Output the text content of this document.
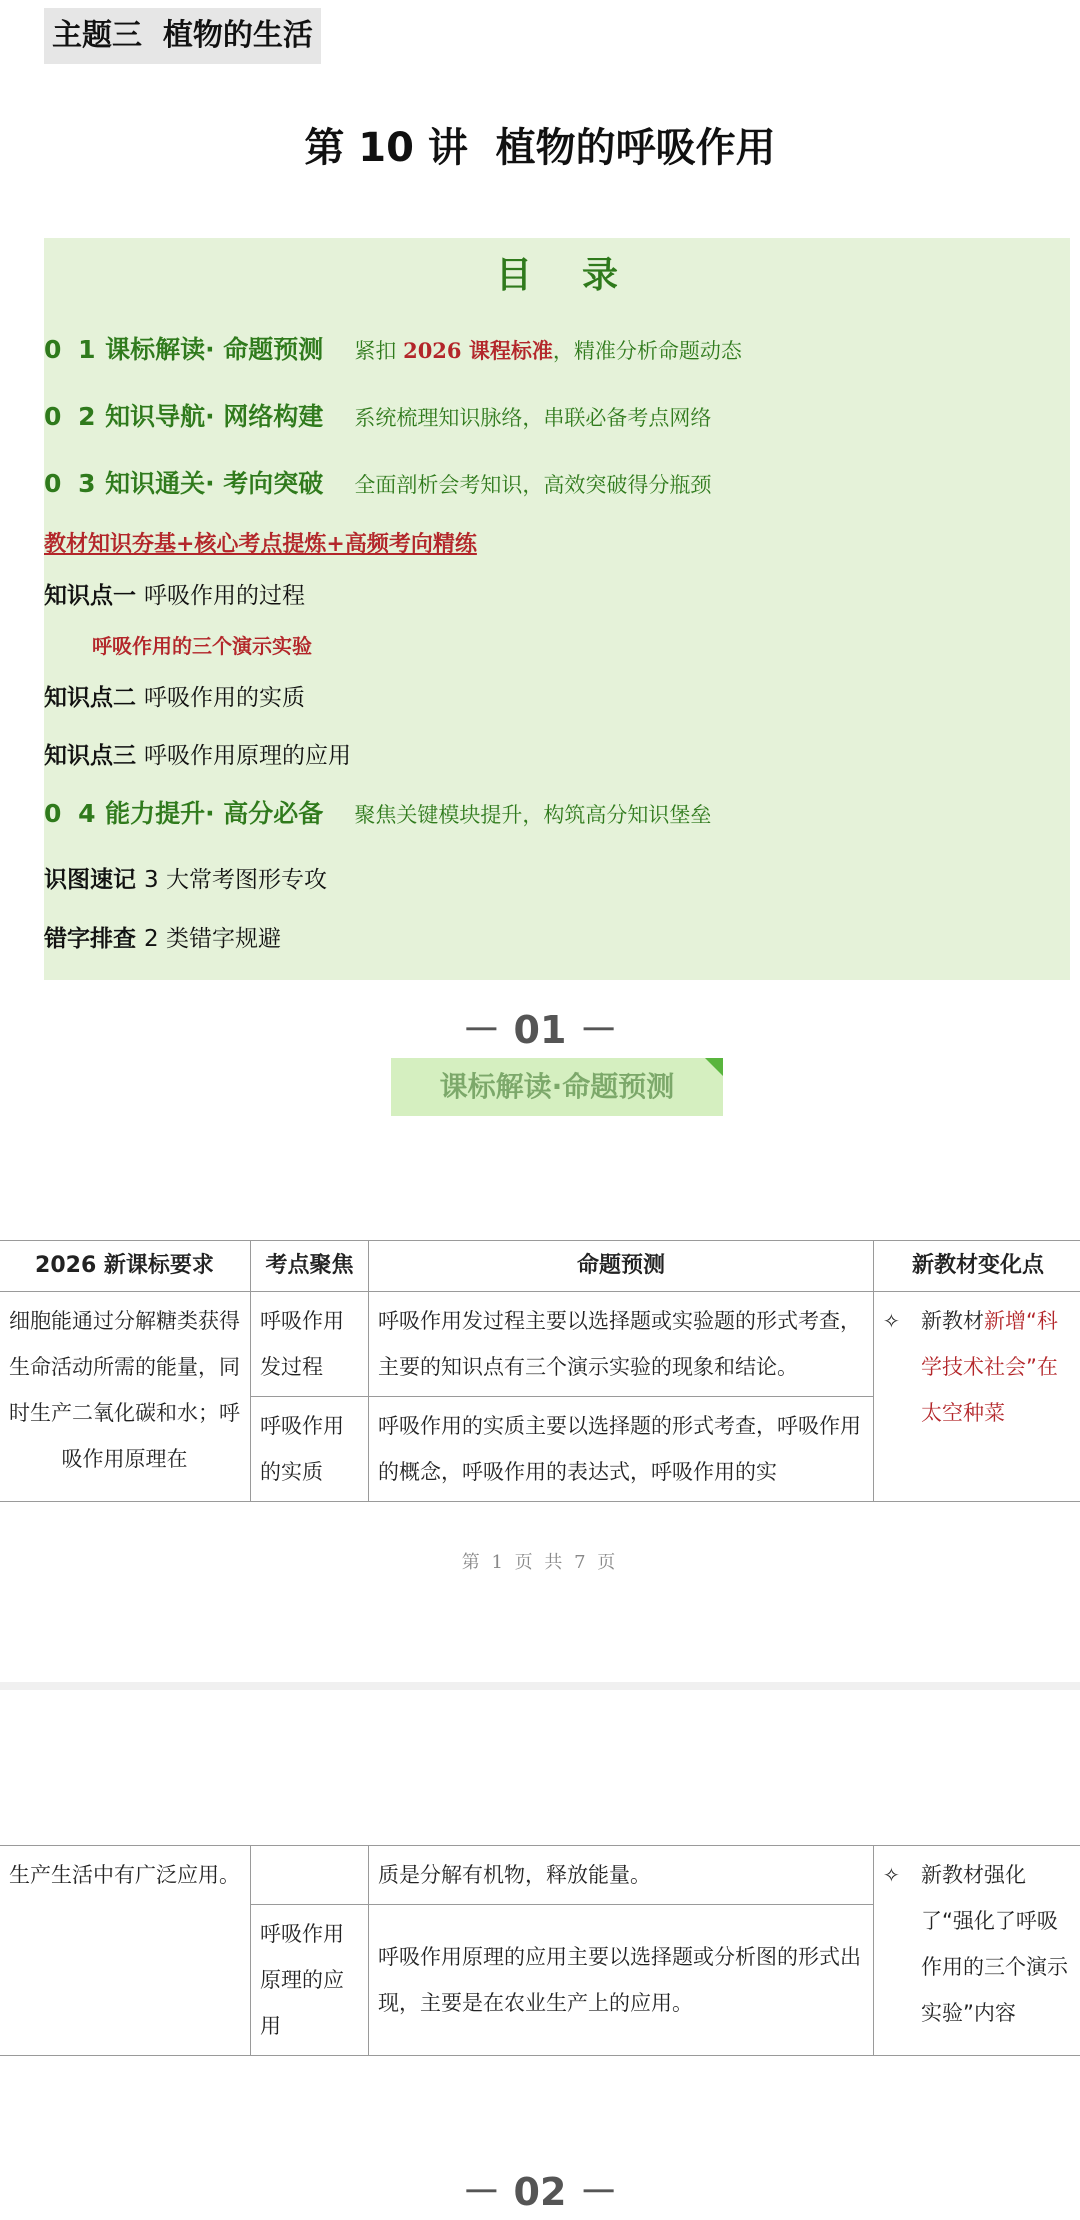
主题三  植物的生活
第 10 讲  植物的呼吸作用
目    录
0 1 课标解读· 命题预测 紧扣 2026 课程标准，精准分析命题动态
0 2 知识导航· 网络构建 系统梳理知识脉络，串联必备考点网络
0 3 知识通关· 考向突破 全面剖析会考知识，高效突破得分瓶颈
教材知识夯基+核心考点提炼+高频考向精练
知识点一 呼吸作用的过程
呼吸作用的三个演示实验
知识点二 呼吸作用的实质
知识点三 呼吸作用原理的应用
0 4 能力提升· 高分必备 聚焦关键模块提升，构筑高分知识堡垒
识图速记 3 大常考图形专攻
错字排查 2 类错字规避
－ 01 －
课标解读·命题预测
2026 新课标要求	考点聚焦	命题预测	新教材变化点
细胞能通过分解糖类获得生命活动所需的能量，同时生产二氧化碳和水；呼吸作用原理在	呼吸作用发过程	呼吸作用发过程主要以选择题或实验题的形式考查，主要的知识点有三个演示实验的现象和结论。	✧ 新教材新增“科学技术社会”在太空种菜
	呼吸作用的实质	呼吸作用的实质主要以选择题的形式考查，呼吸作用的概念，呼吸作用的表达式，呼吸作用的实	
第 1 页 共 7 页
生产生活中有广泛应用。		质是分解有机物，释放能量。	✧ 新教材强化了“强化了呼吸作用的三个演示实验”内容
	呼吸作用原理的应用	呼吸作用原理的应用主要以选择题或分析图的形式出现，主要是在农业生产上的应用。	
－ 02 －
